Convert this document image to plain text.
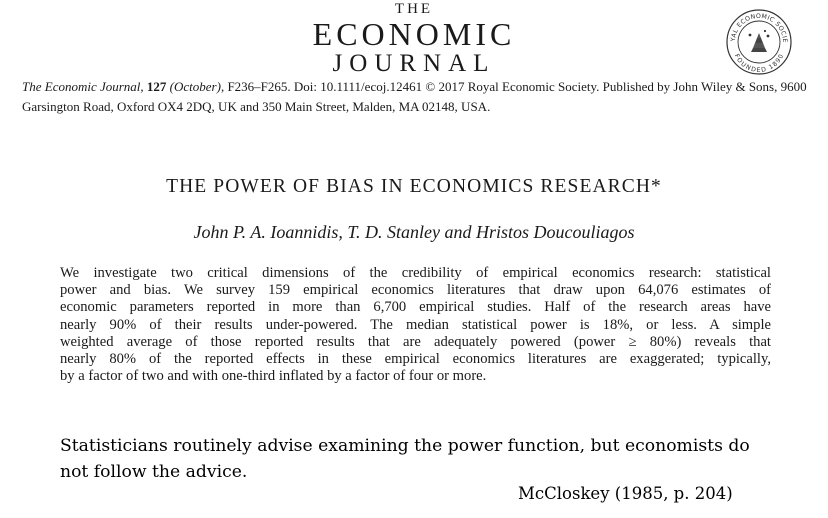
THE
ECONOMIC
JOURNAL
YAL ECONOMIC SOCIE
FOUNDED 1890
The Economic Journal, 127 (October), F236–F265. Doi: 10.1111/ecoj.12461 © 2017 Royal Economic Society. Published by John Wiley & Sons, 9600
Garsington Road, Oxford OX4 2DQ, UK and 350 Main Street, Malden, MA 02148, USA.
THE POWER OF BIAS IN ECONOMICS RESEARCH*
John P. A. Ioannidis, T. D. Stanley and Hristos Doucouliagos
We investigate two critical dimensions of the credibility of empirical economics research: statistical
power and bias. We survey 159 empirical economics literatures that draw upon 64,076 estimates of
economic parameters reported in more than 6,700 empirical studies. Half of the research areas have
nearly 90% of their results under-powered. The median statistical power is 18%, or less. A simple
weighted average of those reported results that are adequately powered (power ≥ 80%) reveals that
nearly 80% of the reported effects in these empirical economics literatures are exaggerated; typically,
by a factor of two and with one-third inflated by a factor of four or more.
Statisticians routinely advise examining the power function, but economists do
not follow the advice.
McCloskey (1985, p. 204)
